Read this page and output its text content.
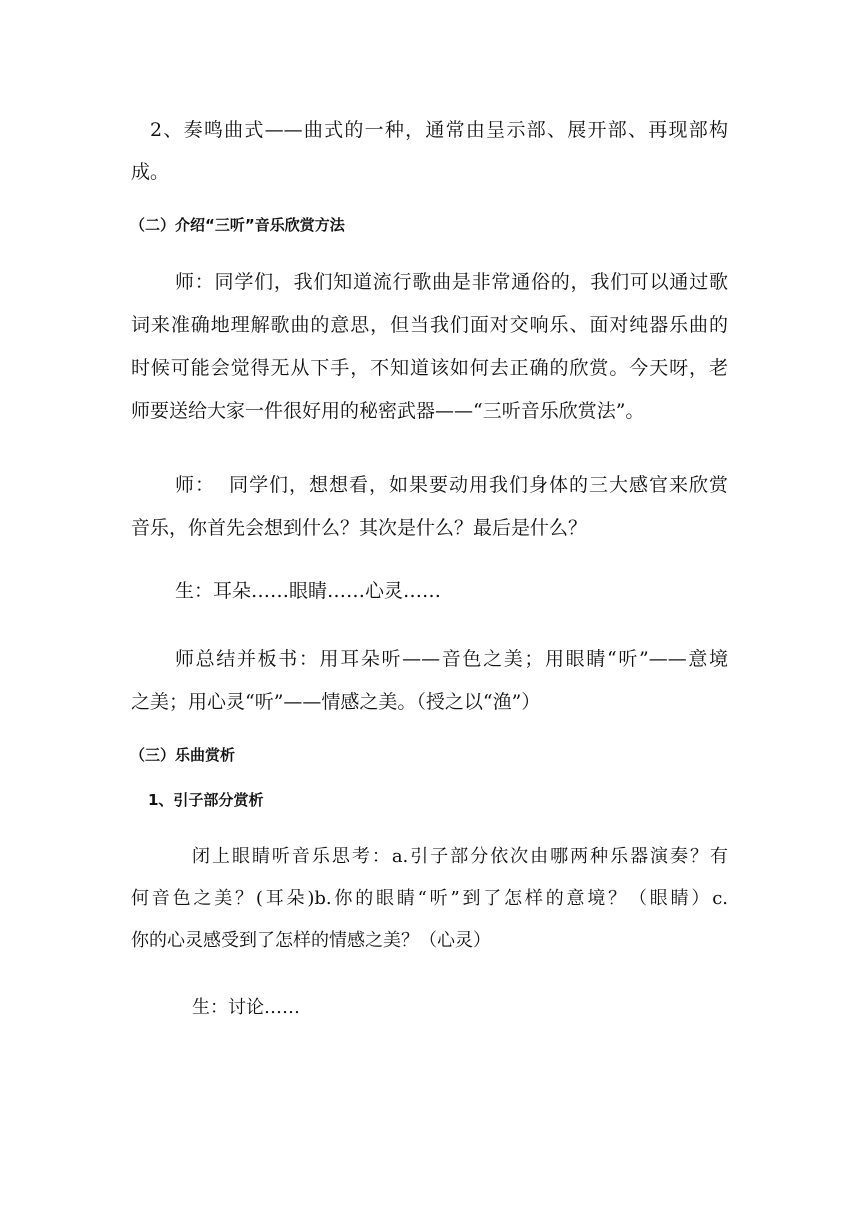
2、奏鸣曲式——曲式的一种，通常由呈示部、展开部、再现部构
成。
（二）介绍“三听”音乐欣赏方法
师：同学们，我们知道流行歌曲是非常通俗的，我们可以通过歌
词来准确地理解歌曲的意思，但当我们面对交响乐、面对纯器乐曲的
时候可能会觉得无从下手，不知道该如何去正确的欣赏。今天呀，老
师要送给大家一件很好用的秘密武器——“三听音乐欣赏法”。
师：  同学们，想想看，如果要动用我们身体的三大感官来欣赏
音乐，你首先会想到什么？其次是什么？最后是什么？
生：耳朵……眼睛……心灵……
师总结并板书：用耳朵听——音色之美；用眼睛“听”——意境
之美；用心灵“听”——情感之美。（授之以“渔”）
（三）乐曲赏析
1、引子部分赏析
闭上眼睛听音乐思考：a.引子部分依次由哪两种乐器演奏？有
何音色之美？(耳朵)b.你的眼睛“听”到了怎样的意境？（眼睛）c.
你的心灵感受到了怎样的情感之美？（心灵）
生：讨论……
